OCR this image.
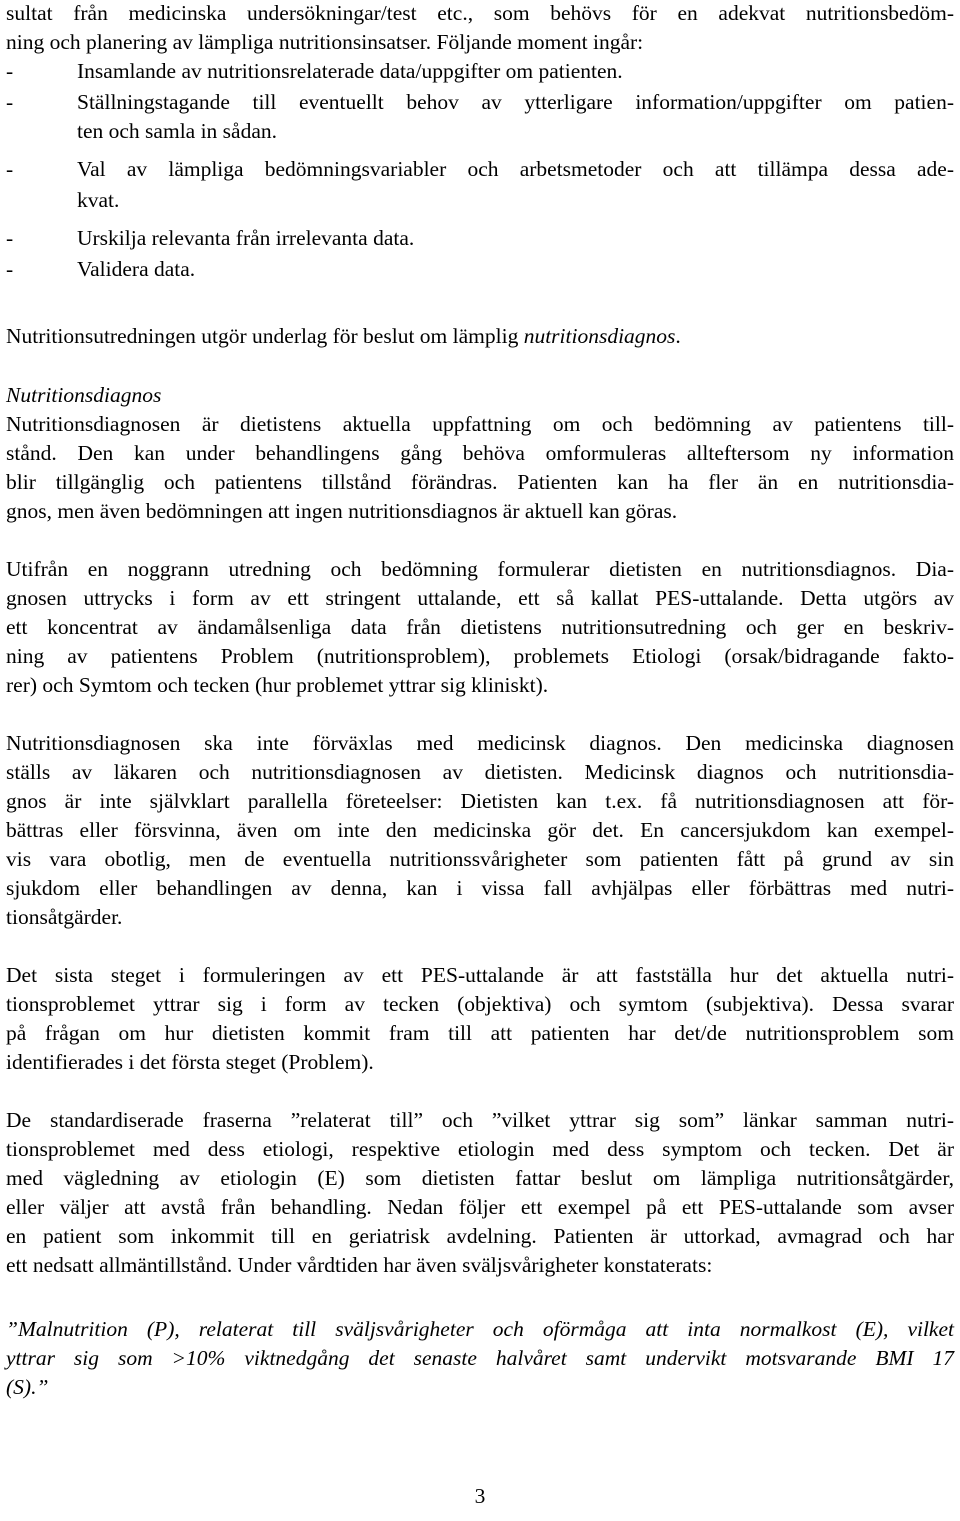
sultat från medicinska undersökningar/test etc., som behövs för en adekvat nutritionsbedöm-
ning och planering av lämpliga nutritionsinsatser. Följande moment ingår:
-	Insamlande av nutritionsrelaterade data/uppgifter om patienten.
-	Ställningstagande till eventuellt behov av ytterligare information/uppgifter om patien-
ten och samla in sådan.
-	Val av lämpliga bedömningsvariabler och arbetsmetoder och att tillämpa dessa ade-
kvat.
-	Urskilja relevanta från irrelevanta data.
-	Validera data.
Nutritionsutredningen utgör underlag för beslut om lämplig nutritionsdiagnos.
Nutritionsdiagnos
Nutritionsdiagnosen är dietistens aktuella uppfattning om och bedömning av patientens till-
stånd. Den kan under behandlingens gång behöva omformuleras allteftersom ny information
blir tillgänglig och patientens tillstånd förändras. Patienten kan ha fler än en nutritionsdia-
gnos, men även bedömningen att ingen nutritionsdiagnos är aktuell kan göras.
Utifrån en noggrann utredning och bedömning formulerar dietisten en nutritionsdiagnos. Dia-
gnosen uttrycks i form av ett stringent uttalande, ett så kallat PES-uttalande. Detta utgörs av
ett koncentrat av ändamålsenliga data från dietistens nutritionsutredning och ger en beskriv-
ning av patientens Problem (nutritionsproblem), problemets Etiologi (orsak/bidragande fakto-
rer) och Symtom och tecken (hur problemet yttrar sig kliniskt).
Nutritionsdiagnosen ska inte förväxlas med medicinsk diagnos. Den medicinska diagnosen
ställs av läkaren och nutritionsdiagnosen av dietisten. Medicinsk diagnos och nutritionsdia-
gnos är inte självklart parallella företeelser: Dietisten kan t.ex. få nutritionsdiagnosen att för-
bättras eller försvinna, även om inte den medicinska gör det. En cancersjukdom kan exempel-
vis vara obotlig, men de eventuella nutritionssvårigheter som patienten fått på grund av sin
sjukdom eller behandlingen av denna, kan i vissa fall avhjälpas eller förbättras med nutri-
tionsåtgärder.
Det sista steget i formuleringen av ett PES-uttalande är att fastställa hur det aktuella nutri-
tionsproblemet yttrar sig i form av tecken (objektiva) och symtom (subjektiva). Dessa svarar
på frågan om hur dietisten kommit fram till att patienten har det/de nutritionsproblem som
identifierades i det första steget (Problem).
De standardiserade fraserna ”relaterat till” och ”vilket yttrar sig som” länkar samman nutri-
tionsproblemet med dess etiologi, respektive etiologin med dess symptom och tecken. Det är
med vägledning av etiologin (E) som dietisten fattar beslut om lämpliga nutritionsåtgärder,
eller väljer att avstå från behandling. Nedan följer ett exempel på ett PES-uttalande som avser
en patient som inkommit till en geriatrisk avdelning. Patienten är uttorkad, avmagrad och har
ett nedsatt allmäntillstånd. Under vårdtiden har även sväljsvårigheter konstaterats:
”Malnutrition (P), relaterat till sväljsvårigheter och oförmåga att inta normalkost (E), vilket
yttrar sig som >10% viktnedgång det senaste halvåret samt undervikt motsvarande BMI 17
(S).”
3
